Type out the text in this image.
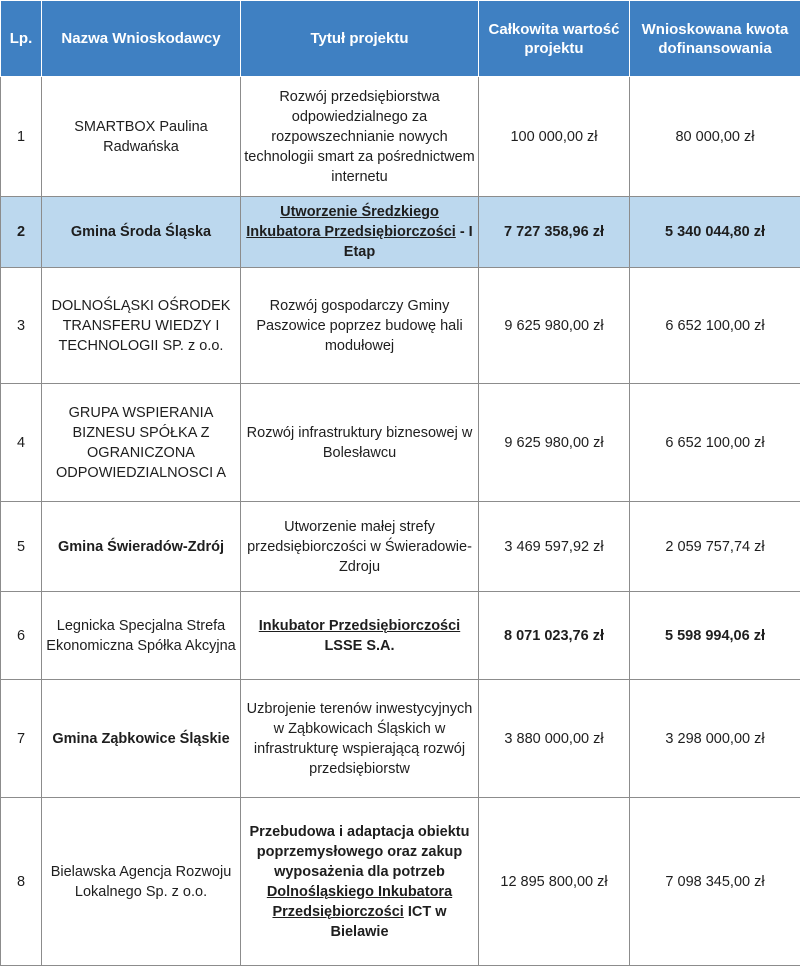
Lp.	Nazwa Wnioskodawcy	Tytuł projektu	Całkowita wartość projektu	Wnioskowana kwota dofinansowania
1	SMARTBOX Paulina Radwańska	Rozwój przedsiębiorstwa odpowiedzialnego za rozpowszechnianie nowych technologii smart za pośrednictwem internetu	100 000,00 zł	80 000,00 zł
2	Gmina Środa Śląska	Utworzenie Średzkiego Inkubatora Przedsiębiorczości - I Etap	7 727 358,96 zł	5 340 044,80 zł
3	DOLNOŚLĄSKI OŚRODEK TRANSFERU WIEDZY I TECHNOLOGII SP. z o.o.	Rozwój gospodarczy Gminy Paszowice poprzez budowę hali modułowej	9 625 980,00 zł	6 652 100,00 zł
4	GRUPA WSPIERANIA BIZNESU SPÓŁKA Z OGRANICZONA ODPOWIEDZIALNOSCI A	Rozwój infrastruktury biznesowej w Bolesławcu	9 625 980,00 zł	6 652 100,00 zł
5	Gmina Świeradów-Zdrój	Utworzenie małej strefy przedsiębiorczości w Świeradowie-Zdroju	3 469 597,92 zł	2 059 757,74 zł
6	Legnicka Specjalna Strefa Ekonomiczna Spółka Akcyjna	Inkubator Przedsiębiorczości LSSE S.A.	8 071 023,76 zł	5 598 994,06 zł
7	Gmina Ząbkowice Śląskie	Uzbrojenie terenów inwestycyjnych w Ząbkowicach Śląskich w infrastrukturę wspierającą rozwój przedsiębiorstw	3 880 000,00 zł	3 298 000,00 zł
8	Bielawska Agencja Rozwoju Lokalnego Sp. z o.o.	Przebudowa i adaptacja obiektu poprzemysłowego oraz zakup wyposażenia dla potrzeb Dolnośląskiego Inkubatora Przedsiębiorczości ICT w Bielawie	12 895 800,00 zł	7 098 345,00 zł
